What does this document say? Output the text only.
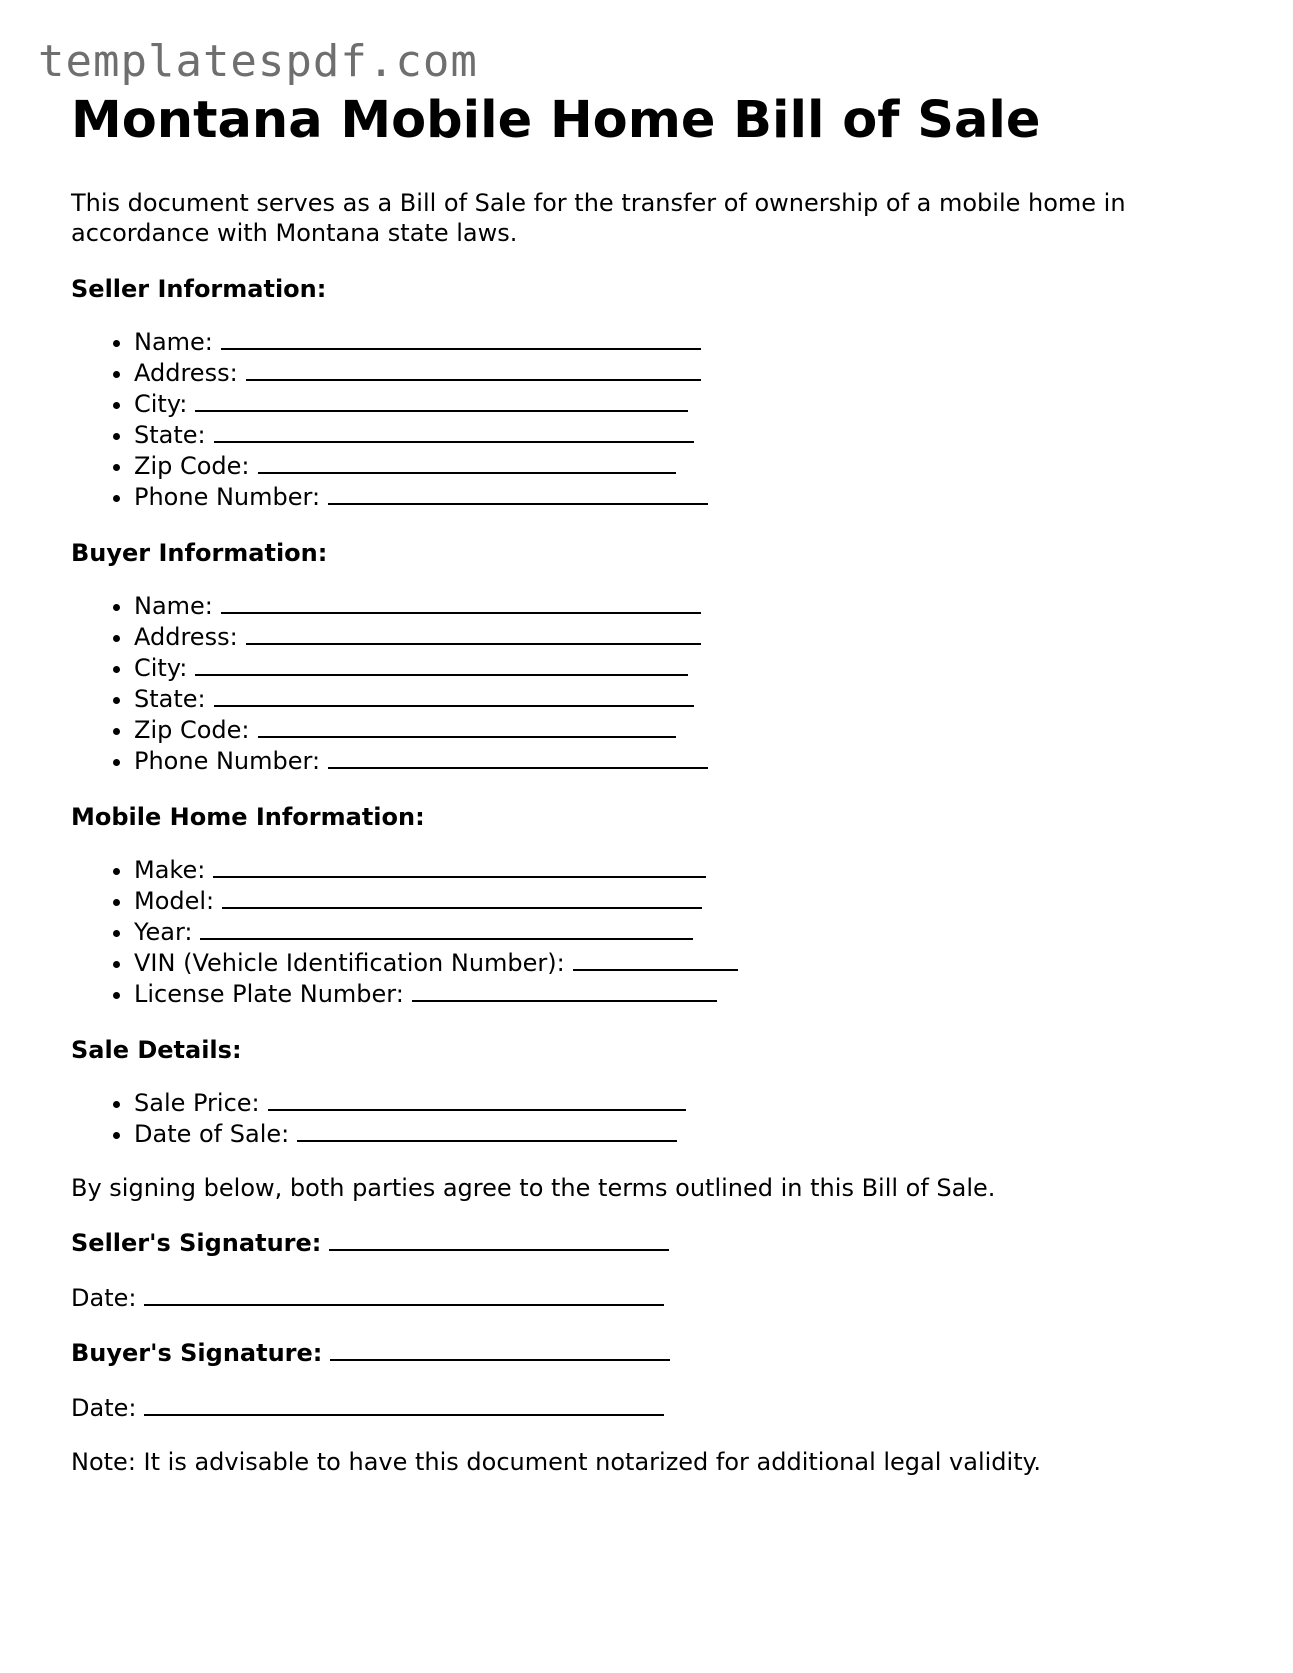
templatespdf.com
Montana Mobile Home Bill of Sale

This document serves as a Bill of Sale for the transfer of ownership of a mobile home in accordance with Montana state laws.

Seller Information:
• Name:
• Address:
• City:
• State:
• Zip Code:
• Phone Number:
Buyer Information:
• Name:
• Address:
• City:
• State:
• Zip Code:
• Phone Number:
Mobile Home Information:
• Make:
• Model:
• Year:
• VIN (Vehicle Identification Number):
• License Plate Number:
Sale Details:
• Sale Price:
• Date of Sale:

By signing below, both parties agree to the terms outlined in this Bill of Sale.

Seller's Signature:

Date:

Buyer's Signature:

Date:

Note: It is advisable to have this document notarized for additional legal validity.
